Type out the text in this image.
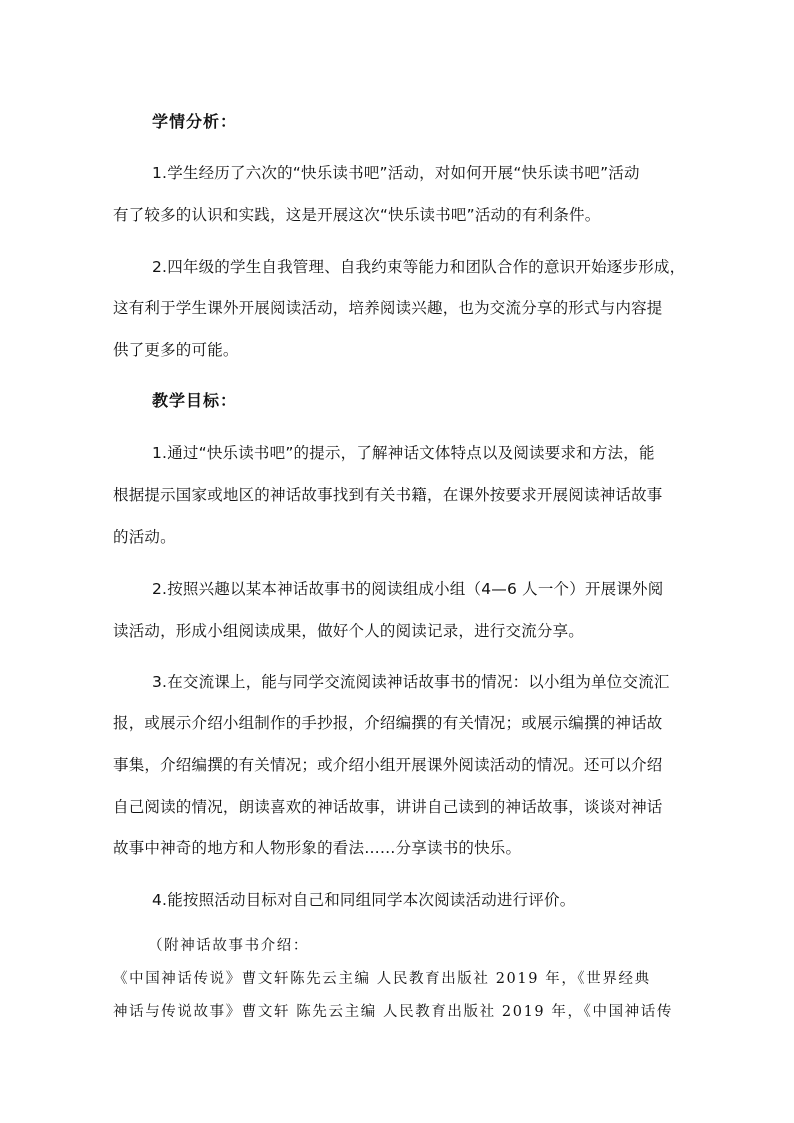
学情分析：
1.学生经历了六次的“快乐读书吧”活动，对如何开展“快乐读书吧”活动
有了较多的认识和实践，这是开展这次“快乐读书吧”活动的有利条件。
2.四年级的学生自我管理、自我约束等能力和团队合作的意识开始逐步形成，
这有利于学生课外开展阅读活动，培养阅读兴趣，也为交流分享的形式与内容提
供了更多的可能。
教学目标：
1.通过“快乐读书吧”的提示，了解神话文体特点以及阅读要求和方法，能
根据提示国家或地区的神话故事找到有关书籍，在课外按要求开展阅读神话故事
的活动。
2.按照兴趣以某本神话故事书的阅读组成小组（4—6 人一个）开展课外阅
读活动，形成小组阅读成果，做好个人的阅读记录，进行交流分享。
3.在交流课上，能与同学交流阅读神话故事书的情况：以小组为单位交流汇
报，或展示介绍小组制作的手抄报，介绍编撰的有关情况；或展示编撰的神话故
事集，介绍编撰的有关情况；或介绍小组开展课外阅读活动的情况。还可以介绍
自己阅读的情况，朗读喜欢的神话故事，讲讲自己读到的神话故事，谈谈对神话
故事中神奇的地方和人物形象的看法……分享读书的快乐。
4.能按照活动目标对自己和同组同学本次阅读活动进行评价。
（附神话故事书介绍：
《中国神话传说》曹文轩陈先云主编 人民教育出版社 2019 年，《世界经典
神话与传说故事》曹文轩 陈先云主编 人民教育出版社 2019 年，《中国神话传
